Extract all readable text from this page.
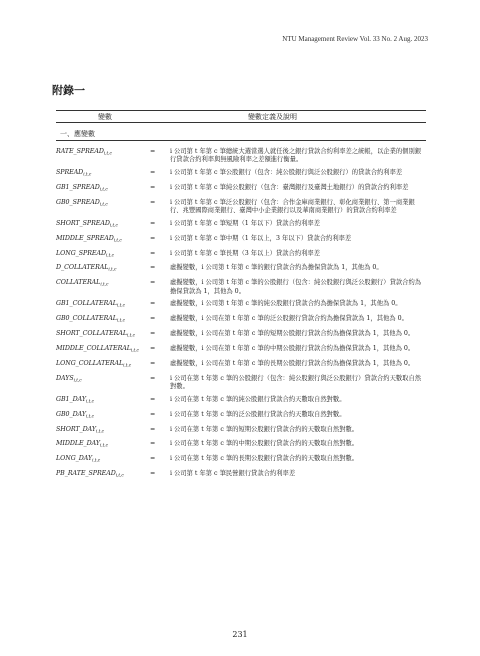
NTU Management Review Vol. 33 No. 2 Aug. 2023
附錄一
變數	變數定義及說明
一、應變數
$RATE\_SPREAD_{i,t,c}$	=	i 公司第 t 年第 c 筆總統大選當選人就任後之銀行貸款合約利率差之統帳，以企業的個別銀行貸款合約利率與無風險利率之差額進行衡量。
$SPREAD_{i,t,c}$	=	i 公司第 t 年第 c 筆公股銀行（包含：純公股銀行與泛公股銀行）的貸款合約利率差
$GB1\_SPREAD_{i,t,c}$	=	i 公司第 t 年第 c 筆純公股銀行（包含：臺灣銀行及臺灣土地銀行）的貸款合約利率差
$GB0\_SPREAD_{i,t,c}$	=	i 公司第 t 年第 c 筆泛公股銀行（包含：合作金庫商業銀行、彰化商業銀行、第一商業銀行、兆豐國際商業銀行、臺灣中小企業銀行以及華南商業銀行）的貸款合約利率差
$SHORT\_SPREAD_{i,t,c}$	=	i 公司第 t 年第 c 筆短期（1 年以下）貸款合約利率差
$MIDDLE\_SPREAD_{i,t,c}$	=	i 公司第 t 年第 c 筆中期（1 年以上，3 年以下）貸款合約利率差
$LONG\_SPREAD_{i,t,c}$	=	i 公司第 t 年第 c 筆長期（3 年以上）貸款合約利率差
$D\_COLLATERAL_{i,t,c}$	=	虛擬變數，i 公司第 t 年第 c 筆的銀行貸款合約為擔保貸款為 1，其他為 0。
$COLLATERAL_{i,t,c}$	=	虛擬變數，i 公司第 t 年第 c 筆的公股銀行（包含：純公股銀行與泛公股銀行）貸款合約為擔保貸款為 1，其他為 0。
$GB1\_COLLATERAL_{i,t,c}$	=	虛擬變數，i 公司第 t 年第 c 筆的純公股銀行貸款合約為擔保貸款為 1，其他為 0。
$GB0\_COLLATERAL_{i,t,c}$	=	虛擬變數，i 公司在第 t 年第 c 筆的泛公股銀行貸款合約為擔保貸款為 1，其他為 0。
$SHORT\_COLLATERAL_{i,t,c}$	=	虛擬變數，i 公司在第 t 年第 c 筆的短期公股銀行貸款合約為擔保貸款為 1，其他為 0。
$MIDDLE\_COLLATERAL_{i,t,c}$	=	虛擬變數，i 公司在第 t 年第 c 筆的中期公股銀行貸款合約為擔保貸款為 1，其他為 0。
$LONG\_COLLATERAL_{i,t,c}$	=	虛擬變數，i 公司在第 t 年第 c 筆的長期公股銀行貸款合約為擔保貸款為 1，其他為 0。
$DAYS_{i,t,c}$	=	i 公司在第 t 年第 c 筆的公股銀行（包含：純公股銀行與泛公股銀行）貸款合約天數取自然對數。
$GB1\_DAY_{i,t,c}$	=	i 公司在第 t 年第 c 筆的純公股銀行貸款合約天數取自然對數。
$GB0\_DAY_{i,t,c}$	=	i 公司在第 t 年第 c 筆的泛公股銀行貸款合約天數取自然對數。
$SHORT\_DAY_{i,t,c}$	=	i 公司在第 t 年第 c 筆的短期公股銀行貸款合約的天數取自然對數。
$MIDDLE\_DAY_{i,t,c}$	=	i 公司在第 t 年第 c 筆的中期公股銀行貸款合約的天數取自然對數。
$LONG\_DAY_{i,t,c}$	=	i 公司在第 t 年第 c 筆的長期公股銀行貸款合約的天數取自然對數。
$PB\_RATE\_SPREAD_{i,t,c}$	=	i 公司第 t 年第 c 筆民營銀行貸款合約利率差
231
